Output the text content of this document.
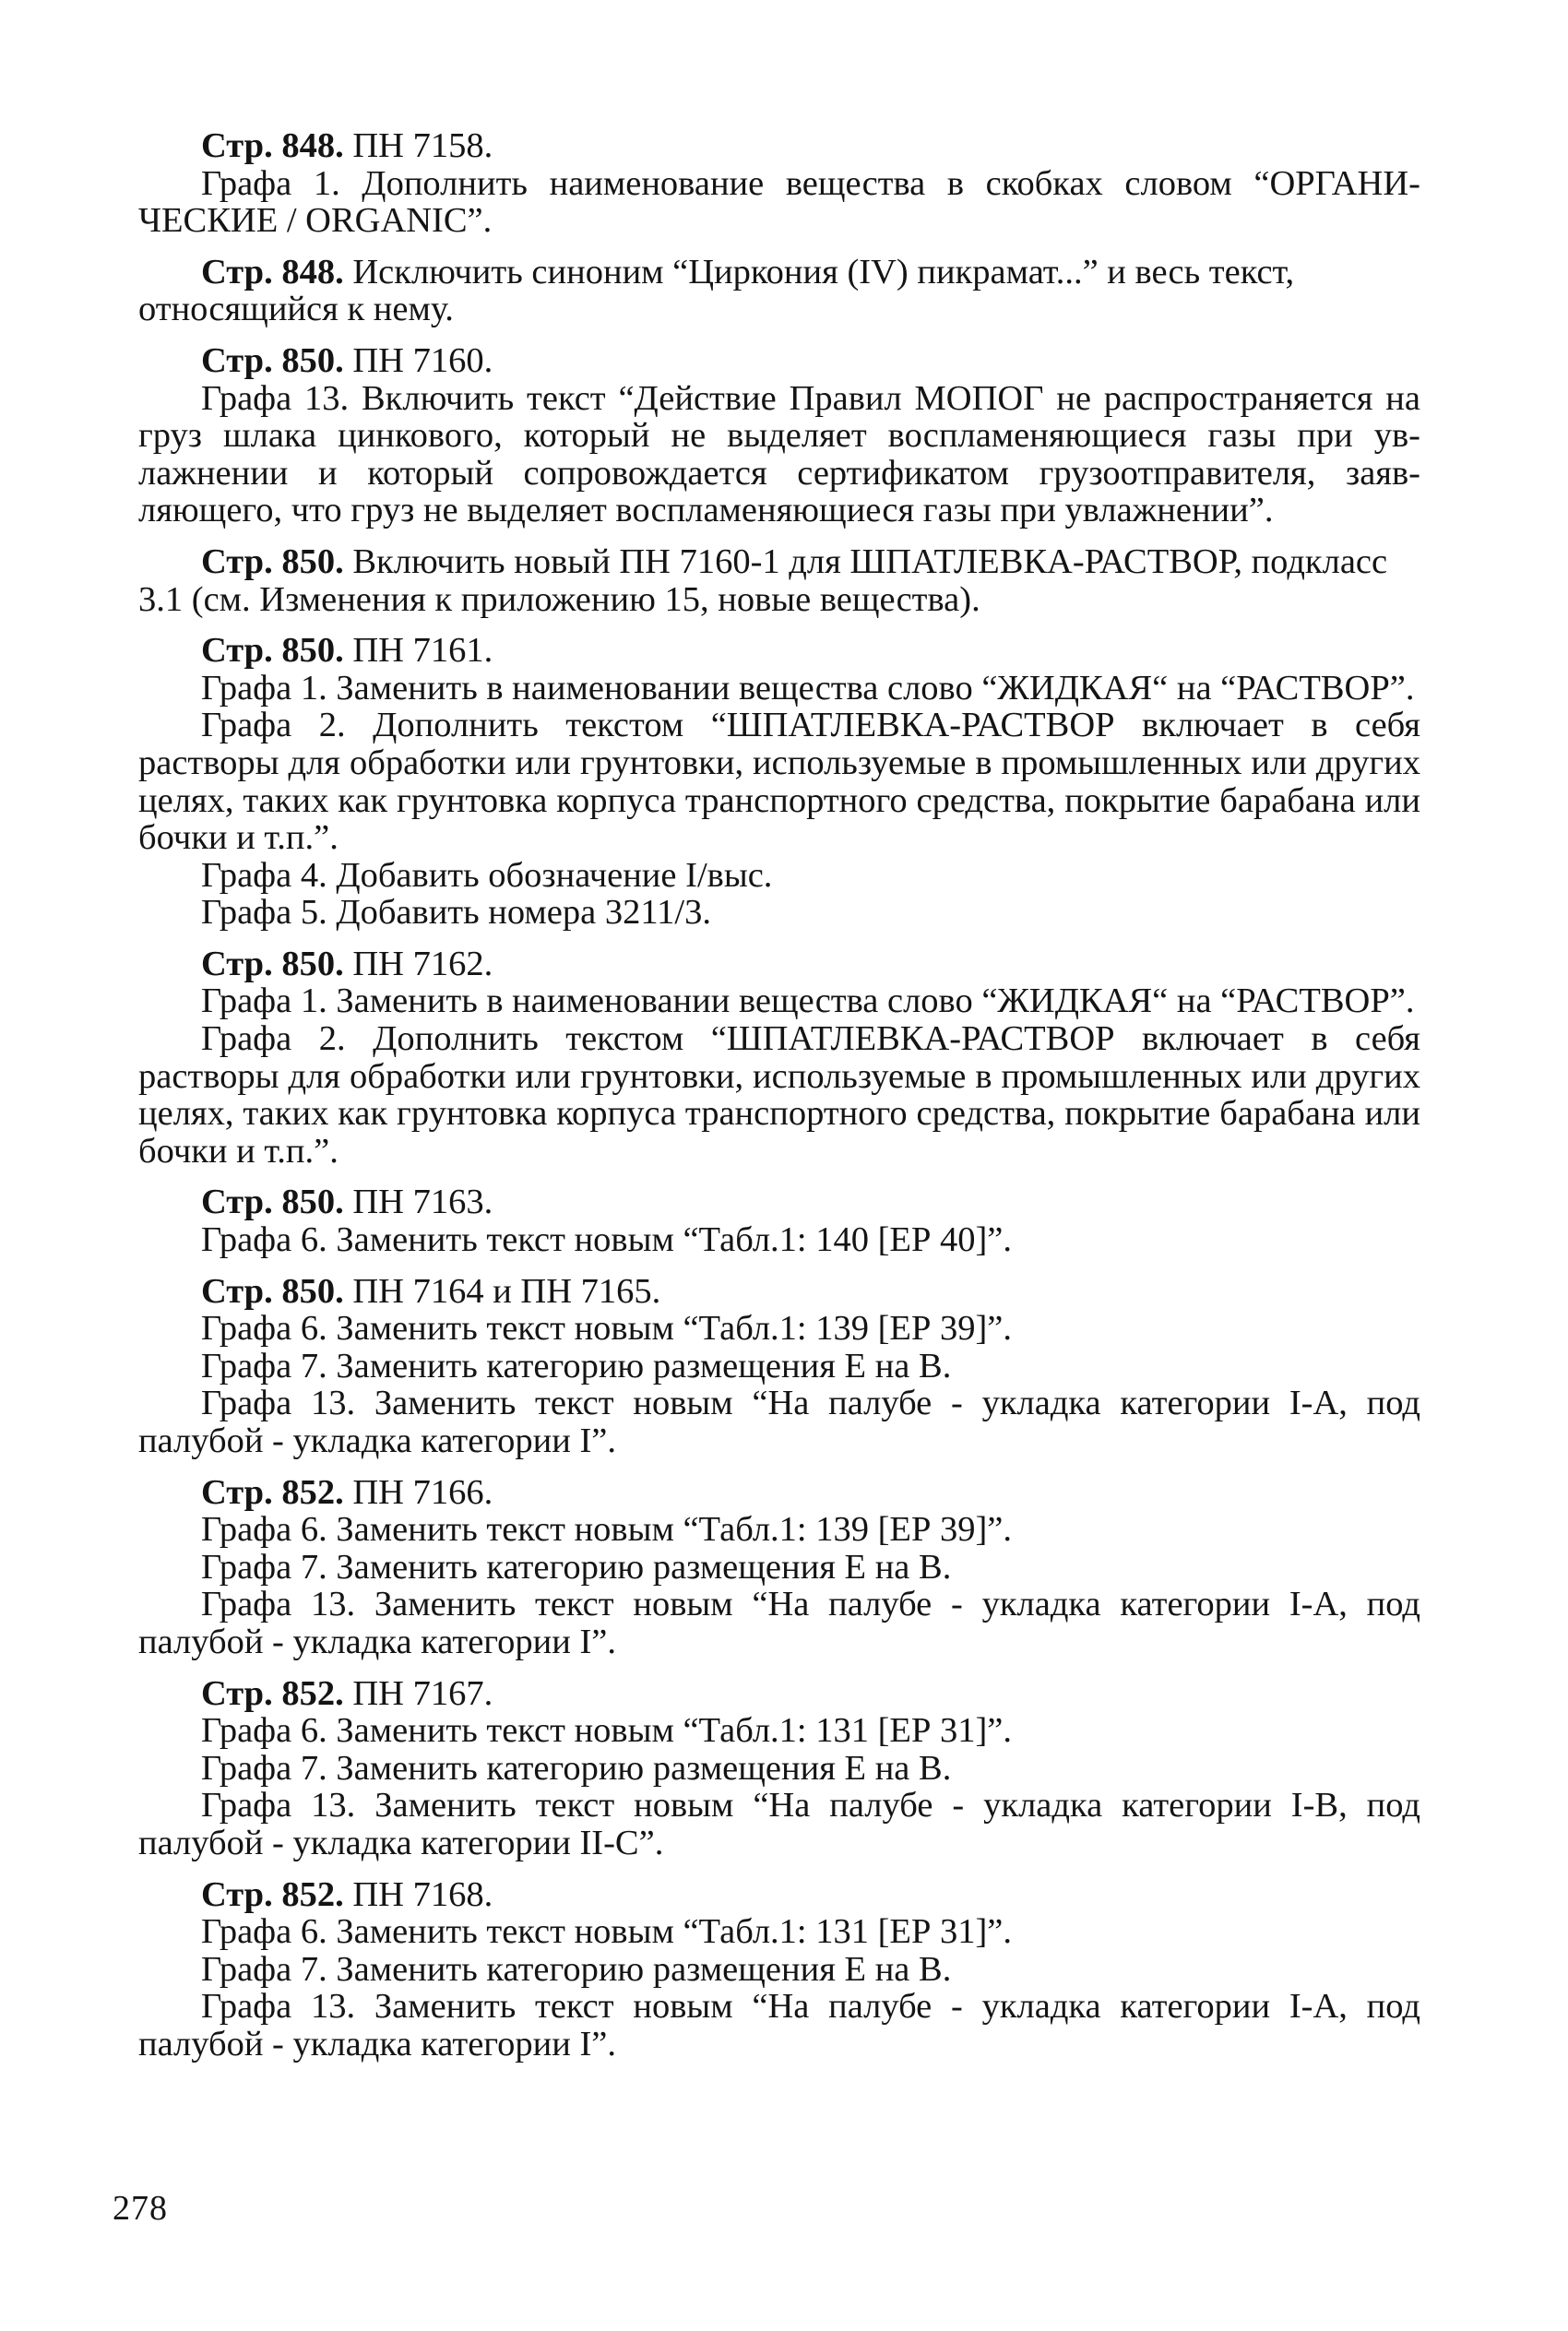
Стр. 848. ПН 7158.

Графа 1. Дополнить наименование вещества в скобках словом “ОРГАНИЧЕСКИЕ / ORGANIC”.

Стр. 848. Исключить синоним “Циркония (IV) пикрамат...” и весь текст, относящийся к нему.

Стр. 850. ПН 7160.

Графа 13. Включить текст “Действие Правил МОПОГ не распространяется на груз шлака цинкового, который не выделяет воспламеняющиеся газы при увлажнении и который сопровождается сертификатом грузоотправителя, заявляющего, что груз не выделяет воспламеняющиеся газы при увлажнении”.

Стр. 850. Включить новый ПН 7160-1 для ШПАТЛЕВКА-РАСТВОР, подкласс 3.1 (см. Изменения к приложению 15, новые вещества).

Стр. 850. ПН 7161.

Графа 1. Заменить в наименовании вещества слово “ЖИДКАЯ“ на “РАСТВОР”.

Графа 2. Дополнить текстом “ШПАТЛЕВКА-РАСТВОР включает в себя растворы для обработки или грунтовки, используемые в промышленных или других целях, таких как грунтовка корпуса транспортного средства, покрытие барабана или бочки и т.п.”.

Графа 4. Добавить обозначение I/выс.

Графа 5. Добавить номера 3211/3.

Стр. 850. ПН 7162.

Графа 1. Заменить в наименовании вещества слово “ЖИДКАЯ“ на “РАСТВОР”.

Графа 2. Дополнить текстом “ШПАТЛЕВКА-РАСТВОР включает в себя растворы для обработки или грунтовки, используемые в промышленных или других целях, таких как грунтовка корпуса транспортного средства, покрытие барабана или бочки и т.п.”.

Стр. 850. ПН 7163.

Графа 6. Заменить текст новым “Табл.1: 140 [ЕР 40]”.

Стр. 850. ПН 7164 и ПН 7165.

Графа 6. Заменить текст новым “Табл.1: 139 [ЕР 39]”.

Графа 7. Заменить категорию размещения Е на В.

Графа 13. Заменить текст новым “На палубе - укладка категории I-А, под палубой - укладка категории I”.

Стр. 852. ПН 7166.

Графа 6. Заменить текст новым “Табл.1: 139 [ЕР 39]”.

Графа 7. Заменить категорию размещения Е на В.

Графа 13. Заменить текст новым “На палубе - укладка категории I-А, под палубой - укладка категории I”.

Стр. 852. ПН 7167.

Графа 6. Заменить текст новым “Табл.1: 131 [ЕР 31]”.

Графа 7. Заменить категорию размещения Е на В.

Графа 13. Заменить текст новым “На палубе - укладка категории I-В, под палубой - укладка категории II-С”.

Стр. 852. ПН 7168.

Графа 6. Заменить текст новым “Табл.1: 131 [ЕР 31]”.

Графа 7. Заменить категорию размещения Е на В.

Графа 13. Заменить текст новым “На палубе - укладка категории I-А, под палубой - укладка категории I”.

278
